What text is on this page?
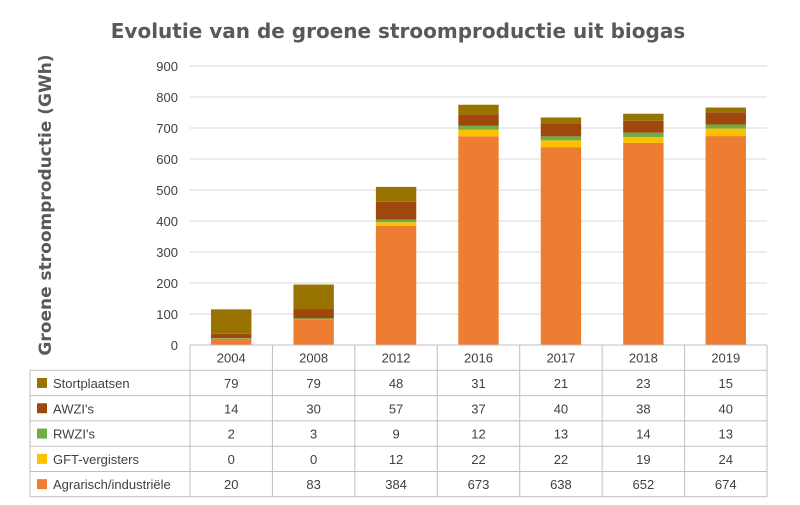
Evolutie van de groene stroomproductie uit biogas
Groene stroomproductie (GWh)	0
100
200
300
400
500
600
700
800
900
2004	2008	2012	2016	2017	2018	2019
Stortplaatsen	79	79	48	31	21	23	15
AWZI's	14	30	57	37	40	38	40
RWZI's	2	3	9	12	13	14	13
GFT-vergisters	0	0	12	22	22	19	24
Agrarisch/industriële	20	83	384	673	638	652	674
